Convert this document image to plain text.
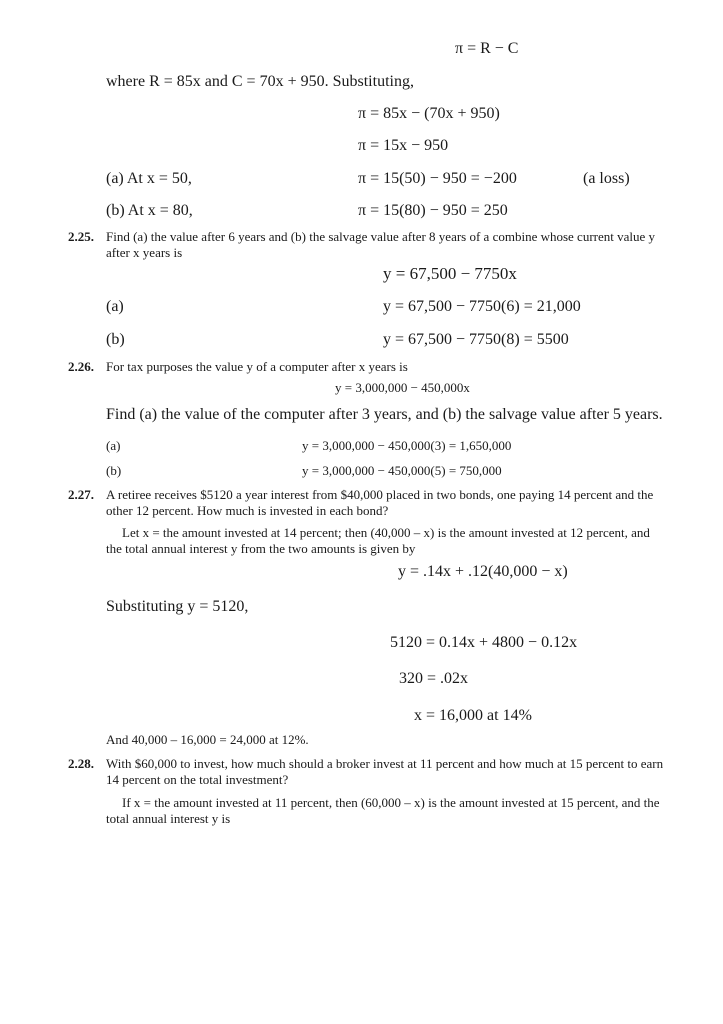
π = R − C
where R = 85x and C = 70x + 950. Substituting,
π = 85x − (70x + 950)
π = 15x − 950
(a) At x = 50,	π = 15(50) − 950 = −200	(a loss)
(b) At x = 80,	π = 15(80) − 950 = 250
2.25. Find (a) the value after 6 years and (b) the salvage value after 8 years of a combine whose current value y after x years is
y = 67,500 − 7750x
(a)	y = 67,500 − 7750(6) = 21,000
(b)	y = 67,500 − 7750(8) = 5500
2.26. For tax purposes the value y of a computer after x years is
y = 3,000,000 − 450,000x
Find (a) the value of the computer after 3 years, and (b) the salvage value after 5 years.
(a)	y = 3,000,000 − 450,000(3) = 1,650,000
(b)	y = 3,000,000 − 450,000(5) = 750,000
2.27. A retiree receives $5120 a year interest from $40,000 placed in two bonds, one paying 14 percent and the other 12 percent. How much is invested in each bond?
Let x = the amount invested at 14 percent; then (40,000 – x) is the amount invested at 12 percent, and the total annual interest y from the two amounts is given by
y = .14x + .12(40,000 − x)
Substituting y = 5120,
5120 = 0.14x + 4800 − 0.12x
320 = .02x
x = 16,000 at 14%
And 40,000 – 16,000 = 24,000 at 12%.
2.28. With $60,000 to invest, how much should a broker invest at 11 percent and how much at 15 percent to earn 14 percent on the total investment?
If x = the amount invested at 11 percent, then (60,000 – x) is the amount invested at 15 percent, and the total annual interest y is
